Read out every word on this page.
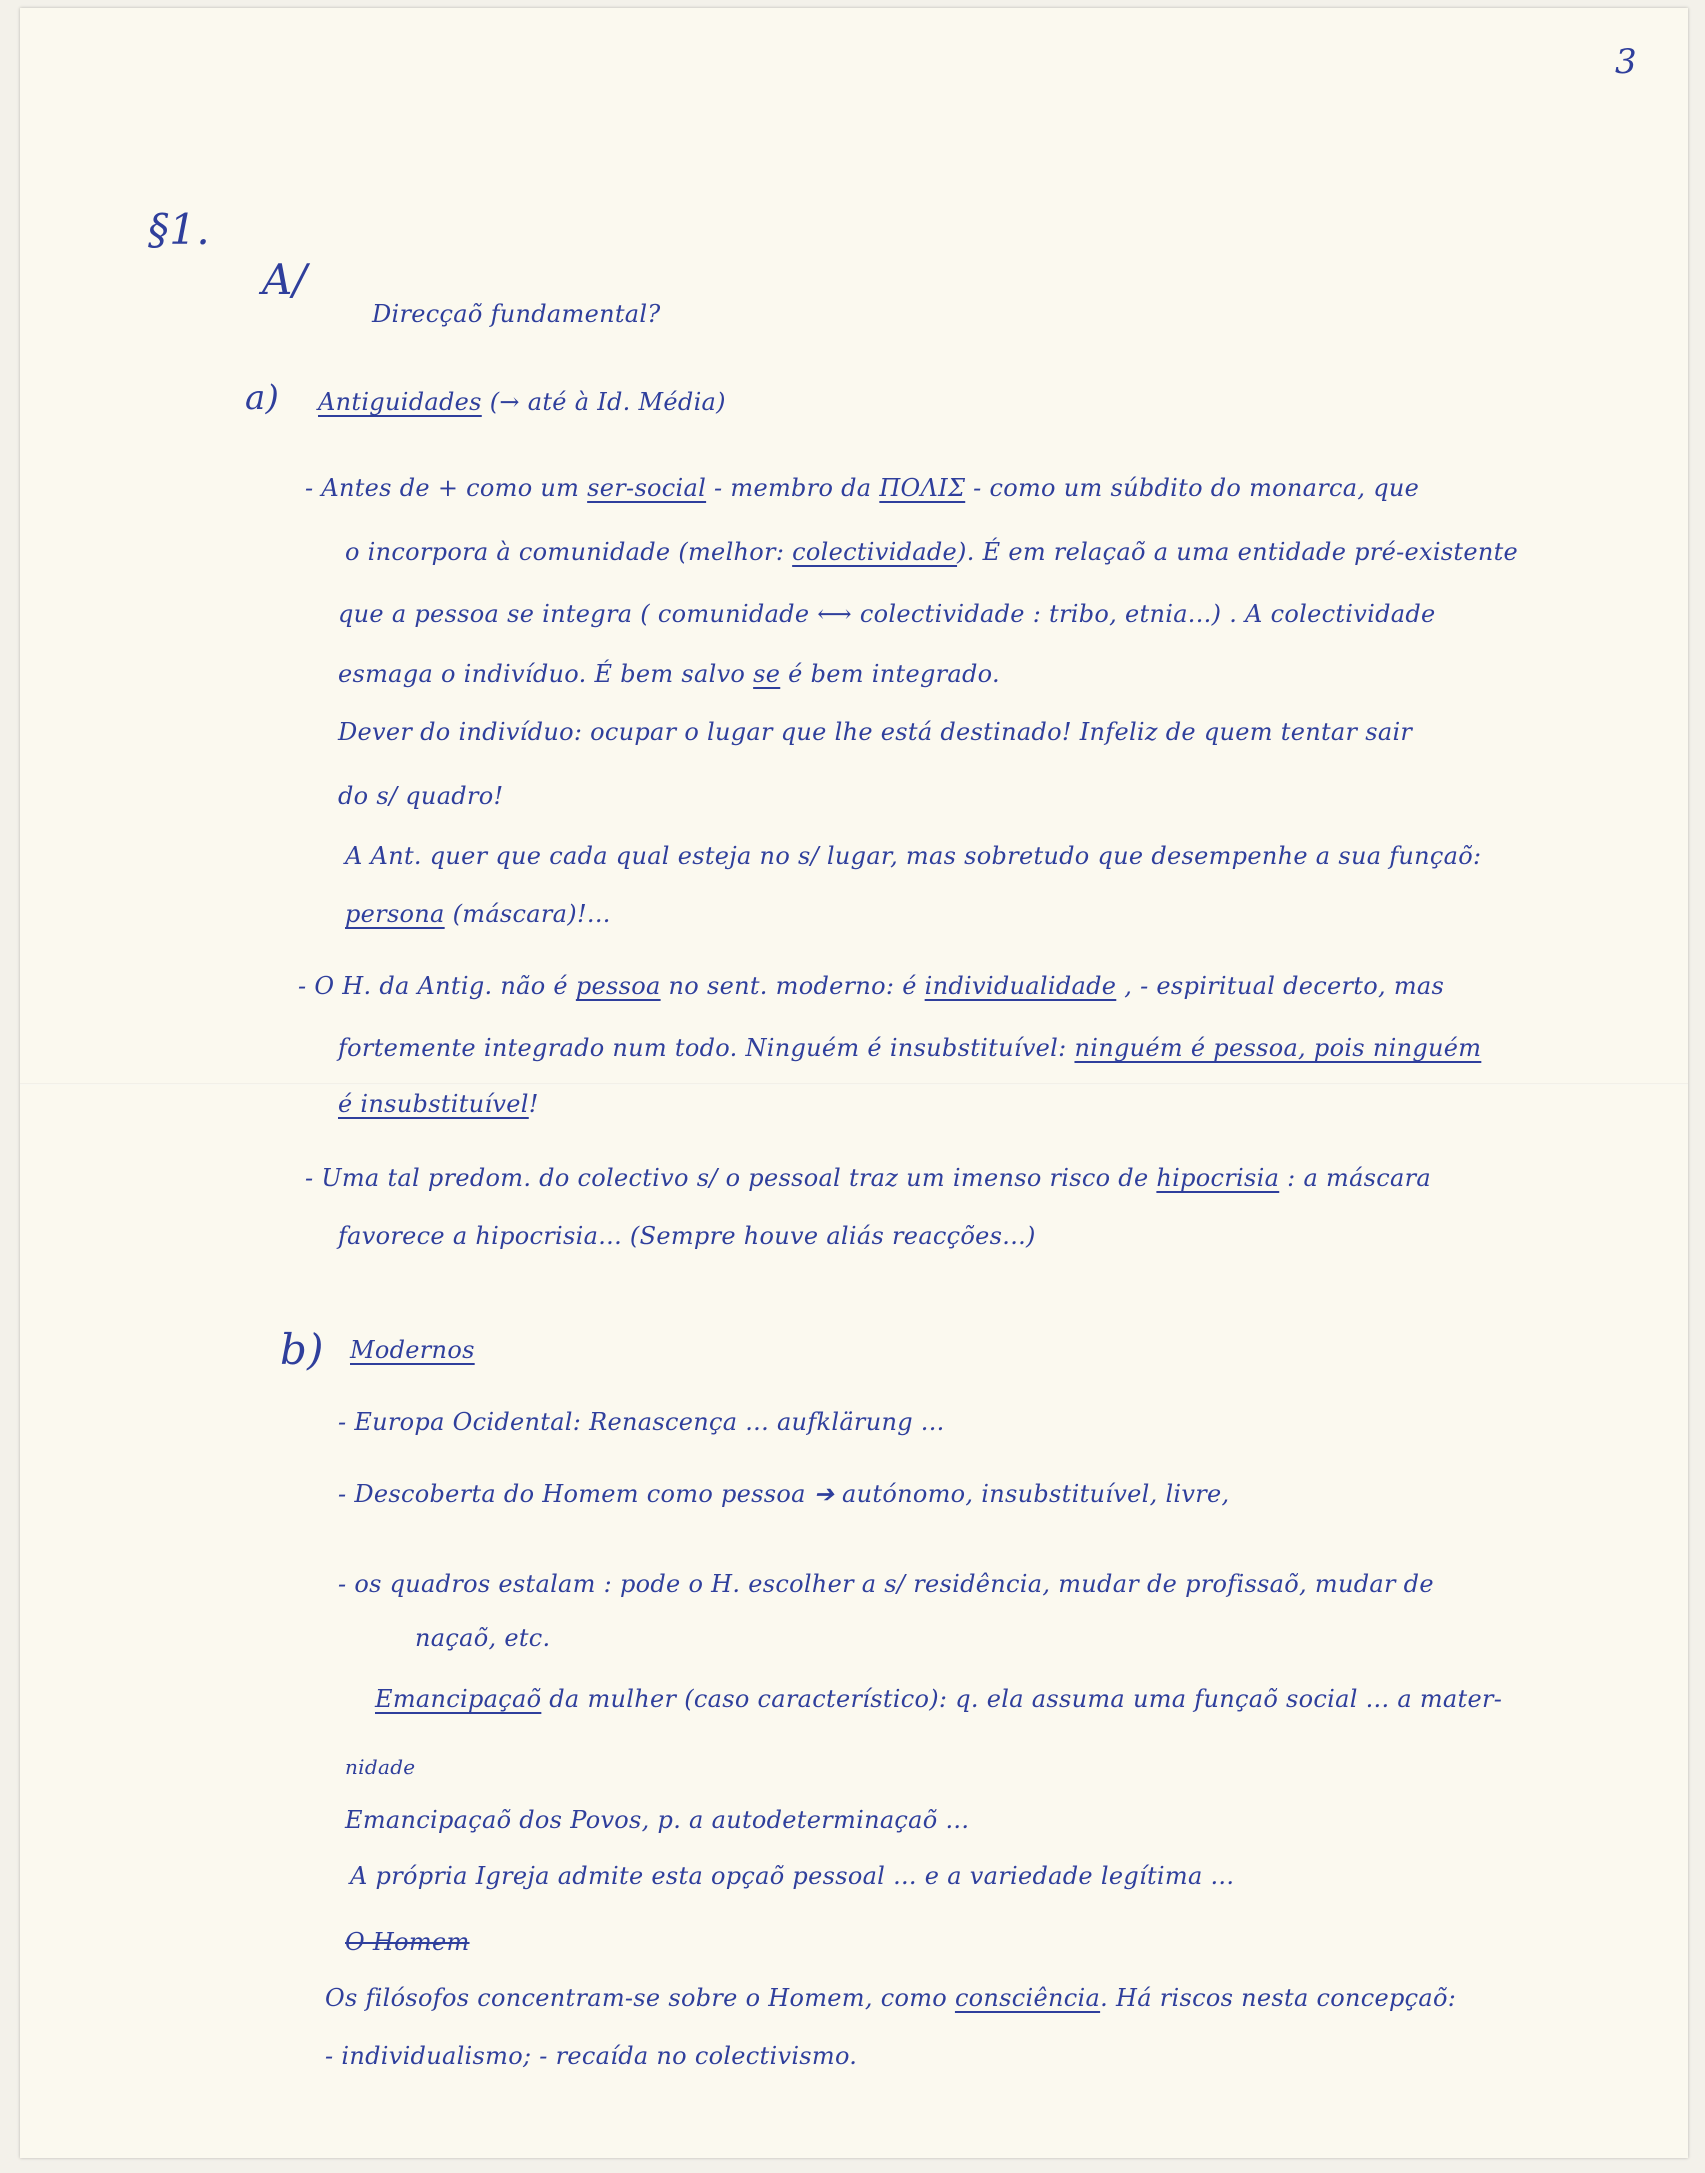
3
§1.
A/
Direcçaõ fundamental?
a) Antiguidades (→ até à Id. Média)
- Antes de + como um ser-social - membro da ΠΟΛΙΣ - como um súbdito do monarca, que
o incorpora à comunidade (melhor: colectividade). É em relaçaõ a uma entidade pré-existente
que a pessoa se integra ( comunidade ⟷ colectividade : tribo, etnia...) . A colectividade
esmaga o indivíduo. É bem salvo se é bem integrado.
Dever do indivíduo: ocupar o lugar que lhe está destinado! Infeliz de quem tentar sair
do s/ quadro!
A Ant. quer que cada qual esteja no s/ lugar, mas sobretudo que desempenhe a sua funçaõ:
persona (máscara)!...
- O H. da Antig. não é pessoa no sent. moderno: é individualidade , - espiritual decerto, mas
fortemente integrado num todo. Ninguém é insubstituível: ninguém é pessoa, pois ninguém
é insubstituível!
- Uma tal predom. do colectivo s/ o pessoal traz um imenso risco de hipocrisia : a máscara
favorece a hipocrisia... (Sempre houve aliás reacções...)
b) Modernos
- Europa Ocidental: Renascença ... aufklärung ...
- Descoberta do Homem como pessoa ➔ autónomo, insubstituível, livre,
- os quadros estalam : pode o H. escolher a s/ residência, mudar de profissaõ, mudar de
naçaõ, etc.
Emancipaçaõ da mulher (caso característico): q. ela assuma uma funçaõ social ... a mater-
nidade
Emancipaçaõ dos Povos, p. a autodeterminaçaõ ...
A própria Igreja admite esta opçaõ pessoal ... e a variedade legítima ...
O Homem
Os filósofos concentram-se sobre o Homem, como consciência. Há riscos nesta concepçaõ:
- individualismo; - recaída no colectivismo.
